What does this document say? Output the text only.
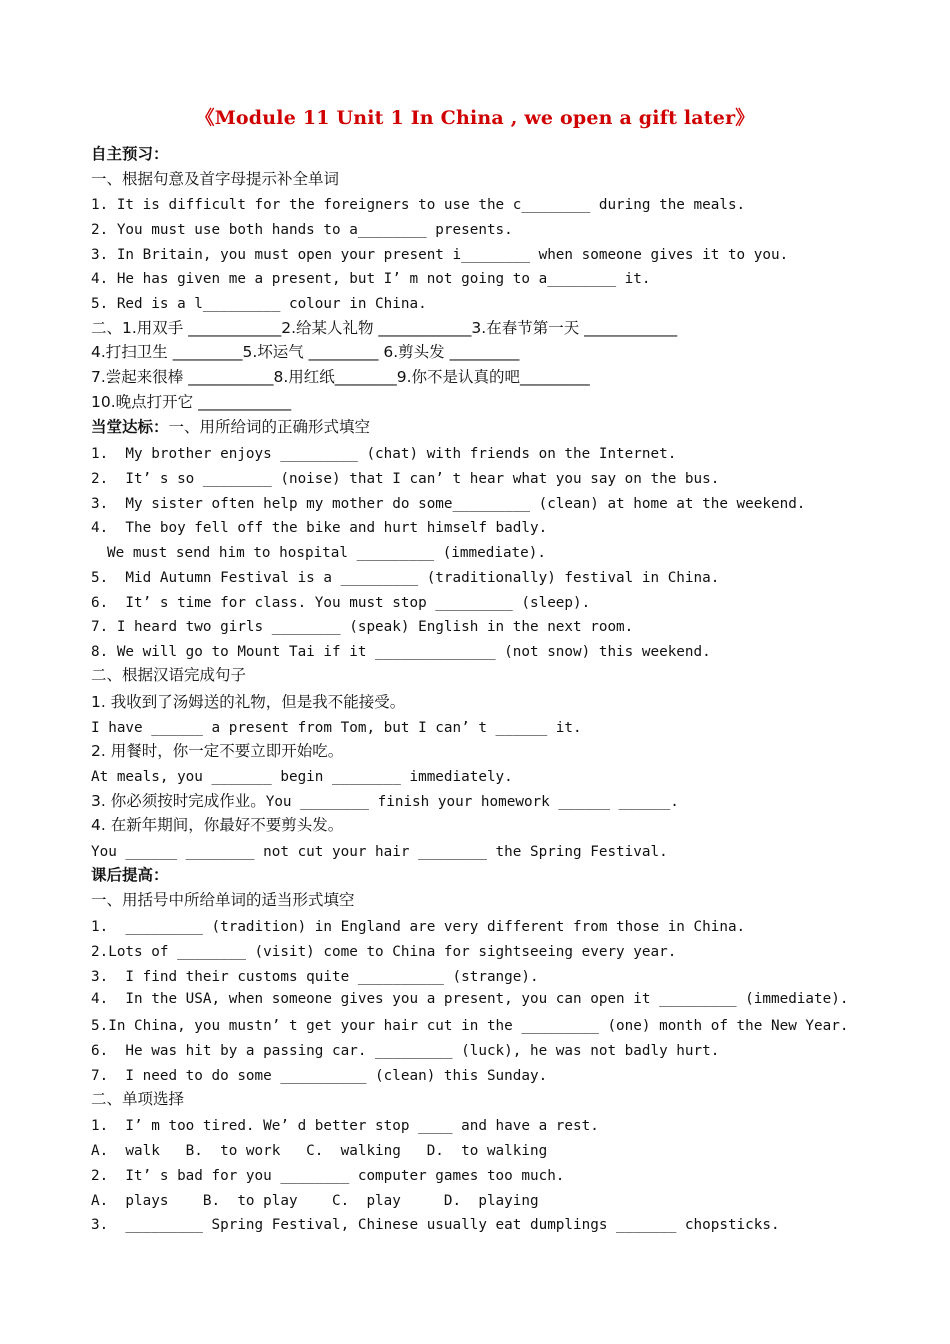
《Module 11 Unit 1 In China , we open a gift later》
自主预习：
一、根据句意及首字母提示补全单词
1. It is difficult for the foreigners to use the c________ during the meals.
2. You must use both hands to a________ presents.
3. In Britain, you must open your present i________ when someone gives it to you.
4. He has given me a present, but I’ m not going to a________ it.
5. Red is a l_________ colour in China.
二、1.用双手 ____________2.给某人礼物 ____________3.在春节第一天 ____________
4.打扫卫生 _________5.坏运气 _________ 6.剪头发 _________
7.尝起来很棒 ___________8.用红纸________9.你不是认真的吧_________
10.晚点打开它 ____________
当堂达标：一、用所给词的正确形式填空
1.  My brother enjoys _________ (chat) with friends on the Internet.
2.  It’ s so ________ (noise) that I can’ t hear what you say on the bus.
3.  My sister often help my mother do some_________ (clean) at home at the weekend.
4.  The boy fell off the bike and hurt himself badly.
We must send him to hospital _________ (immediate).
5.  Mid Autumn Festival is a _________ (traditionally) festival in China.
6.  It’ s time for class. You must stop _________ (sleep).
7. I heard two girls ________ (speak) English in the next room.
8. We will go to Mount Tai if it ______________ (not snow) this weekend.
二、根据汉语完成句子
1. 我收到了汤姆送的礼物，但是我不能接受。
I have ______ a present from Tom, but I can’ t ______ it.
2. 用餐时，你一定不要立即开始吃。
At meals, you _______ begin ________ immediately.
3. 你必须按时完成作业。You ________ finish your homework ______ ______.
4. 在新年期间，你最好不要剪头发。
You ______ ________ not cut your hair ________ the Spring Festival.
课后提高：
一、用括号中所给单词的适当形式填空
1.  _________ (tradition) in England are very different from those in China.
2.Lots of ________ (visit) come to China for sightseeing every year.
3.  I find their customs quite __________ (strange).
4.  In the USA, when someone gives you a present, you can open it _________ (immediate).
5.In China, you mustn’ t get your hair cut in the _________ (one) month of the New Year.
6.  He was hit by a passing car. _________ (luck), he was not badly hurt.
7.  I need to do some __________ (clean) this Sunday.
二、单项选择
1.  I’ m too tired. We’ d better stop ____ and have a rest.
A.  walk   B.  to work   C.  walking   D.  to walking
2.  It’ s bad for you ________ computer games too much.
A.  plays    B.  to play    C.  play     D.  playing
3.  _________ Spring Festival, Chinese usually eat dumplings _______ chopsticks.
